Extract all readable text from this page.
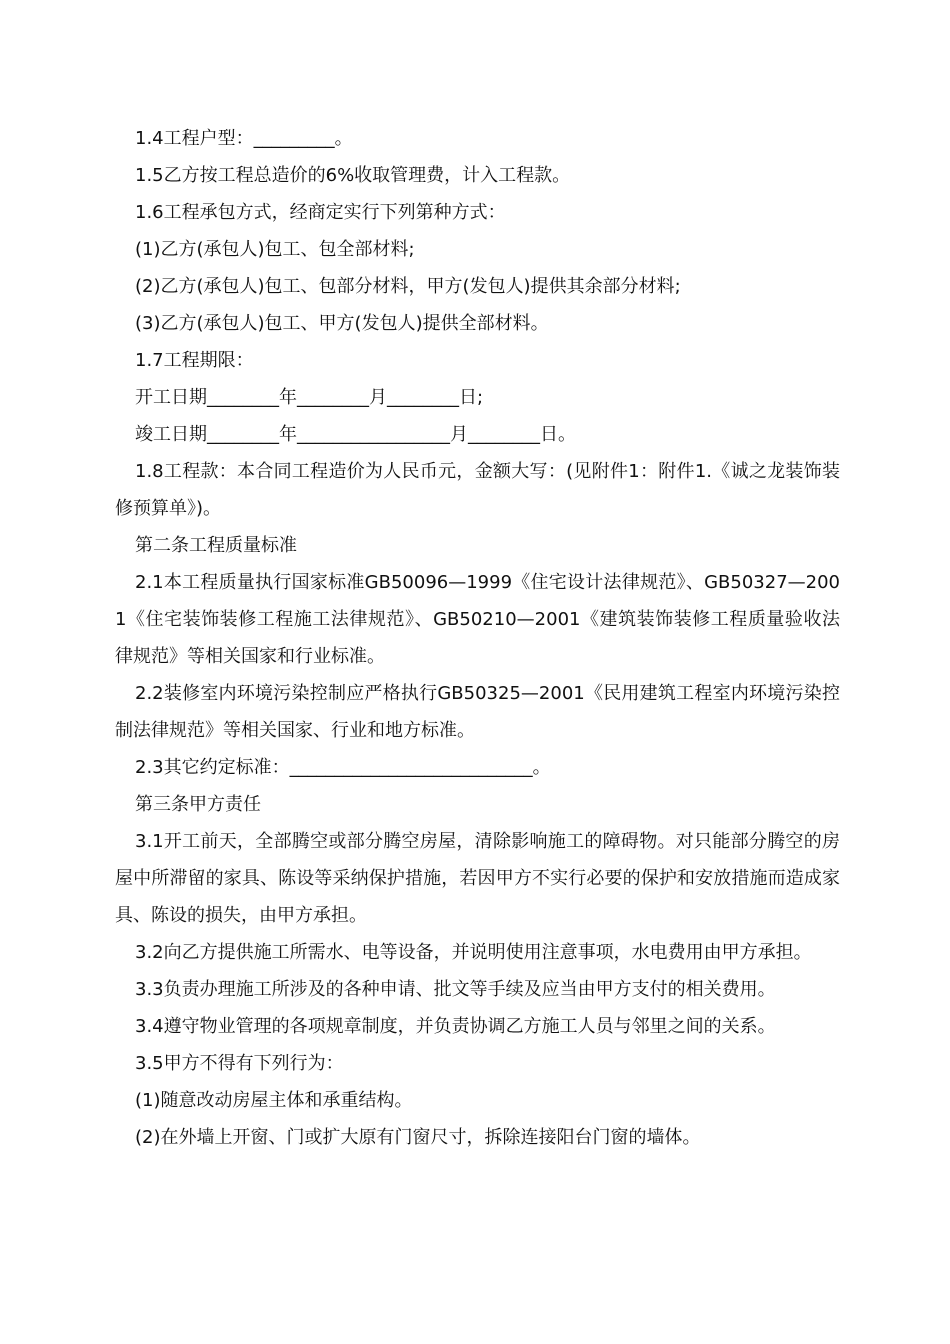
1.4工程户型：_________。

1.5乙方按工程总造价的6%收取管理费，计入工程款。

1.6工程承包方式，经商定实行下列第种方式：

(1)乙方(承包人)包工、包全部材料;

(2)乙方(承包人)包工、包部分材料，甲方(发包人)提供其余部分材料;

(3)乙方(承包人)包工、甲方(发包人)提供全部材料。

1.7工程期限：

开工日期________年________月________日;

竣工日期________年_________________月________日。

1.8工程款：本合同工程造价为人民币元，金额大写：(见附件1：附件1.《诚之龙装饰装修预算单》)。

第二条工程质量标准

2.1本工程质量执行国家标准GB50096—1999《住宅设计法律规范》、GB50327—2001《住宅装饰装修工程施工法律规范》、GB50210—2001《建筑装饰装修工程质量验收法律规范》等相关国家和行业标准。

2.2装修室内环境污染控制应严格执行GB50325—2001《民用建筑工程室内环境污染控制法律规范》等相关国家、行业和地方标准。

2.3其它约定标准：___________________________。

第三条甲方责任

3.1开工前天，全部腾空或部分腾空房屋，清除影响施工的障碍物。对只能部分腾空的房屋中所滞留的家具、陈设等采纳保护措施，若因甲方不实行必要的保护和安放措施而造成家具、陈设的损失，由甲方承担。

3.2向乙方提供施工所需水、电等设备，并说明使用注意事项，水电费用由甲方承担。

3.3负责办理施工所涉及的各种申请、批文等手续及应当由甲方支付的相关费用。

3.4遵守物业管理的各项规章制度，并负责协调乙方施工人员与邻里之间的关系。

3.5甲方不得有下列行为：

(1)随意改动房屋主体和承重结构。

(2)在外墙上开窗、门或扩大原有门窗尺寸，拆除连接阳台门窗的墙体。
